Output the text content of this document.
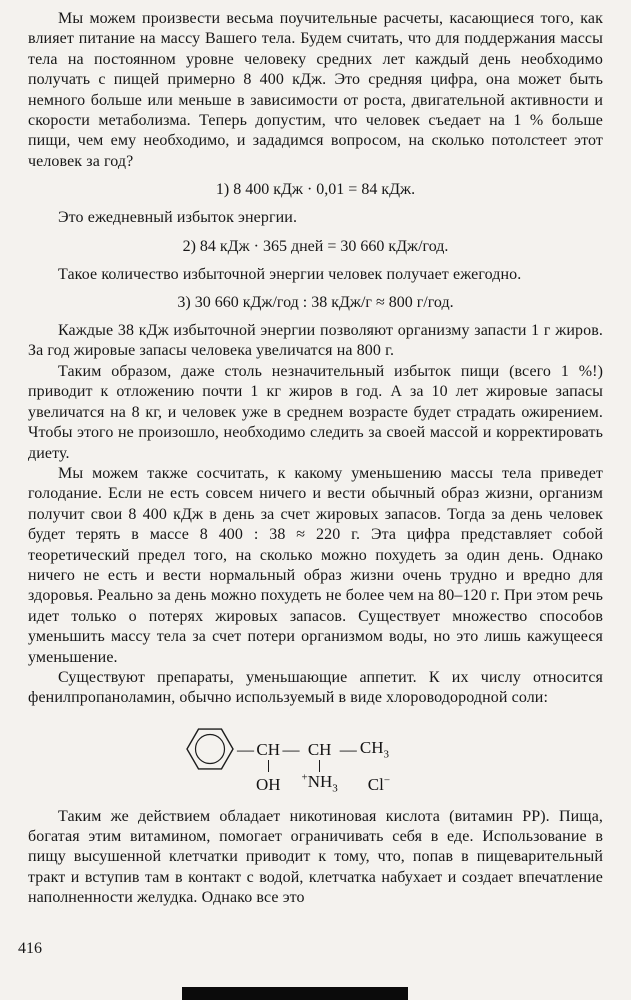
Мы можем произвести весьма поучительные расчеты, касающиеся того, как влияет питание на массу Вашего тела. Будем считать, что для поддержания массы тела на постоянном уровне человеку средних лет каждый день необходимо получать с пищей примерно 8 400 кДж. Это средняя цифра, она может быть немного больше или меньше в зависимости от роста, двигательной активности и скорости метаболизма. Теперь допустим, что человек съедает на 1 % больше пищи, чем ему необходимо, и зададимся вопросом, на сколько потолстеет этот человек за год?

1) 8 400 кДж · 0,01 = 84 кДж.

Это ежедневный избыток энергии.

2) 84 кДж · 365 дней = 30 660 кДж/год.

Такое количество избыточной энергии человек получает ежегодно.

3) 30 660 кДж/год : 38 кДж/г ≈ 800 г/год.

Каждые 38 кДж избыточной энергии позволяют организму запасти 1 г жиров. За год жировые запасы человека увеличатся на 800 г.

Таким образом, даже столь незначительный избыток пищи (всего 1 %!) приводит к отложению почти 1 кг жиров в год. А за 10 лет жировые запасы увеличатся на 8 кг, и человек уже в среднем возрасте будет страдать ожирением. Чтобы этого не произошло, необходимо следить за своей массой и корректировать диету.

Мы можем также сосчитать, к какому уменьшению массы тела приведет голодание. Если не есть совсем ничего и вести обычный образ жизни, организм получит свои 8 400 кДж в день за счет жировых запасов. Тогда за день человек будет терять в массе 8 400 : 38 ≈ 220 г. Эта цифра представляет собой теоретический предел того, на сколько можно похудеть за один день. Однако ничего не есть и вести нормальный образ жизни очень трудно и вредно для здоровья. Реально за день можно похудеть не более чем на 80–120 г. При этом речь идет только о потерях жировых запасов. Существует множество способов уменьшить массу тела за счет потери организмом воды, но это лишь кажущееся уменьшение.

Существуют препараты, уменьшающие аппетит. К их числу относится фенилпропаноламин, обычно используемый в виде хлороводородной соли:

— CH — CH — $CH_3$
OH $^+NH_3$	Cl−

Таким же действием обладает никотиновая кислота (витамин PP). Пища, богатая этим витамином, помогает ограничивать себя в еде. Использование в пищу высушенной клетчатки приводит к тому, что, попав в пищеварительный тракт и вступив там в контакт с водой, клетчатка набухает и создает впечатление наполненности желудка. Однако все это

416
